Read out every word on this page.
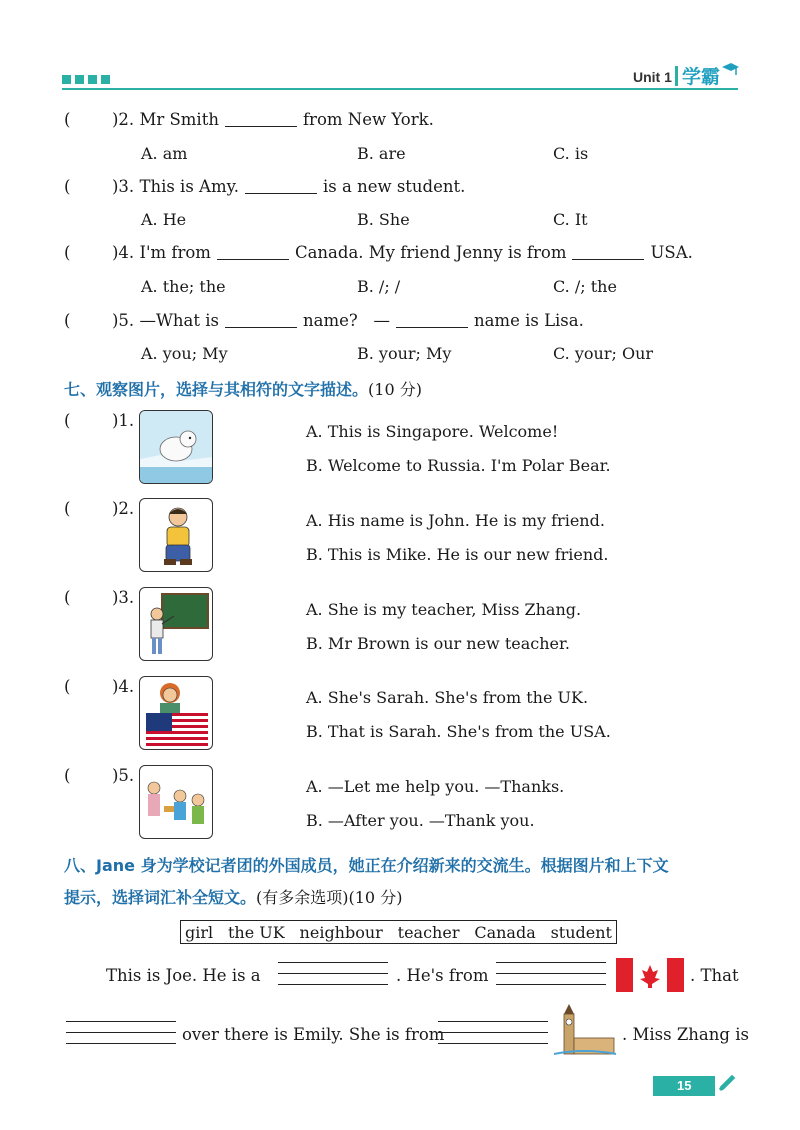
Unit 1 学霸
(	)2. Mr Smith	from New York.
A. am	B. are	C. is
(	)3. This is Amy.	is a new student.
A. He	B. She	C. It
(	)4. I'm from	Canada. My friend Jenny is from	USA.
A. the; the	B. /; /	C. /; the
(	)5. —What is	name? —	name is Lisa.
A. you; My	B. your; My	C. your; Our
七、观察图片，选择与其相符的文字描述。(10 分)
(	)1.
A. This is Singapore. Welcome!
B. Welcome to Russia. I'm Polar Bear.
(	)2.
A. His name is John. He is my friend.
B. This is Mike. He is our new friend.
(	)3.
A. She is my teacher, Miss Zhang.
B. Mr Brown is our new teacher.
(	)4.
A. She's Sarah. She's from the UK.
B. That is Sarah. She's from the USA.
(	)5.
A. —Let me help you. —Thanks.
B. —After you. —Thank you.
八、Jane 身为学校记者团的外国成员，她正在介绍新来的交流生。根据图片和上下文
提示，选择词汇补全短文。(有多余选项)(10 分)
girl the UK neighbour teacher Canada student
This is Joe. He is a	. He's from	. That
over there is Emily. She is from	. Miss Zhang is
15
